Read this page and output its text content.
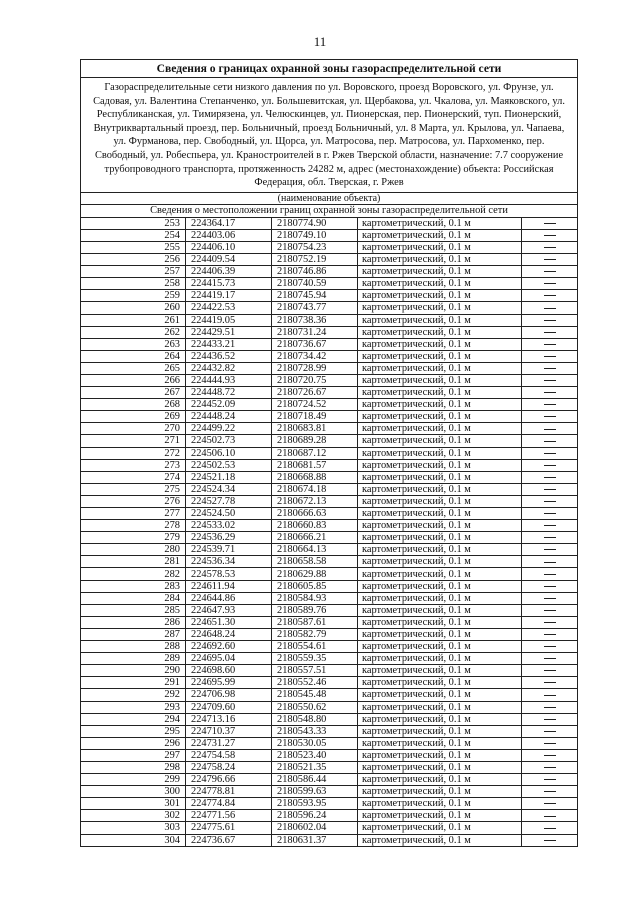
11
Сведения о границах охранной зоны газораспределительной сети				
Газораспределительные сети низкого давления по ул. Воровского, проезд Воровского, ул. Фрунзе, ул. Садовая, ул. Валентина Степанченко, ул. Большевитская, ул. Щербакова, ул. Чкалова, ул. Маяковского, ул. Республиканская, ул. Тимирязена, ул. Челюскинцев, ул. Пионерская, пер. Пионерский, туп. Пионерский, Внутриквартальный проезд, пер. Больничный, проезд Больничный, ул. 8 Марта, ул. Крылова, ул. Чапаева, ул. Фурманова, пер. Свободный, ул. Щорса, ул. Матросова, пер. Матросова, ул. Пархоменко, пер. Свободный, ул. Робеспьера, ул. Краностроителей в г. Ржев Тверской области, назначение: 7.7 сооружение трубопроводного транспорта, протяженность 24282 м, адрес (местонахождение) объекта: Российская Федерация, обл. Тверская, г. Ржев				
(наименование объекта)				
Сведения о местоположении границ охранной зоны газораспределительной сети				
253	224364.17	2180774.90	картометрический, 0.1 м	
254	224403.06	2180749.10	картометрический, 0.1 м	
255	224406.10	2180754.23	картометрический, 0.1 м	
256	224409.54	2180752.19	картометрический, 0.1 м	
257	224406.39	2180746.86	картометрический, 0.1 м	
258	224415.73	2180740.59	картометрический, 0.1 м	
259	224419.17	2180745.94	картометрический, 0.1 м	
260	224422.53	2180743.77	картометрический, 0.1 м	
261	224419.05	2180738.36	картометрический, 0.1 м	
262	224429.51	2180731.24	картометрический, 0.1 м	
263	224433.21	2180736.67	картометрический, 0.1 м	
264	224436.52	2180734.42	картометрический, 0.1 м	
265	224432.82	2180728.99	картометрический, 0.1 м	
266	224444.93	2180720.75	картометрический, 0.1 м	
267	224448.72	2180726.67	картометрический, 0.1 м	
268	224452.09	2180724.52	картометрический, 0.1 м	
269	224448.24	2180718.49	картометрический, 0.1 м	
270	224499.22	2180683.81	картометрический, 0.1 м	
271	224502.73	2180689.28	картометрический, 0.1 м	
272	224506.10	2180687.12	картометрический, 0.1 м	
273	224502.53	2180681.57	картометрический, 0.1 м	
274	224521.18	2180668.88	картометрический, 0.1 м	
275	224524.34	2180674.18	картометрический, 0.1 м	
276	224527.78	2180672.13	картометрический, 0.1 м	
277	224524.50	2180666.63	картометрический, 0.1 м	
278	224533.02	2180660.83	картометрический, 0.1 м	
279	224536.29	2180666.21	картометрический, 0.1 м	
280	224539.71	2180664.13	картометрический, 0.1 м	
281	224536.34	2180658.58	картометрический, 0.1 м	
282	224578.53	2180629.88	картометрический, 0.1 м	
283	224611.94	2180605.85	картометрический, 0.1 м	
284	224644.86	2180584.93	картометрический, 0.1 м	
285	224647.93	2180589.76	картометрический, 0.1 м	
286	224651.30	2180587.61	картометрический, 0.1 м	
287	224648.24	2180582.79	картометрический, 0.1 м	
288	224692.60	2180554.61	картометрический, 0.1 м	
289	224695.04	2180559.35	картометрический, 0.1 м	
290	224698.60	2180557.51	картометрический, 0.1 м	
291	224695.99	2180552.46	картометрический, 0.1 м	
292	224706.98	2180545.48	картометрический, 0.1 м	
293	224709.60	2180550.62	картометрический, 0.1 м	
294	224713.16	2180548.80	картометрический, 0.1 м	
295	224710.37	2180543.33	картометрический, 0.1 м	
296	224731.27	2180530.05	картометрический, 0.1 м	
297	224754.58	2180523.40	картометрический, 0.1 м	
298	224758.24	2180521.35	картометрический, 0.1 м	
299	224796.66	2180586.44	картометрический, 0.1 м	
300	224778.81	2180599.63	картометрический, 0.1 м	
301	224774.84	2180593.95	картометрический, 0.1 м	
302	224771.56	2180596.24	картометрический, 0.1 м	
303	224775.61	2180602.04	картометрический, 0.1 м	
304	224736.67	2180631.37	картометрический, 0.1 м	
